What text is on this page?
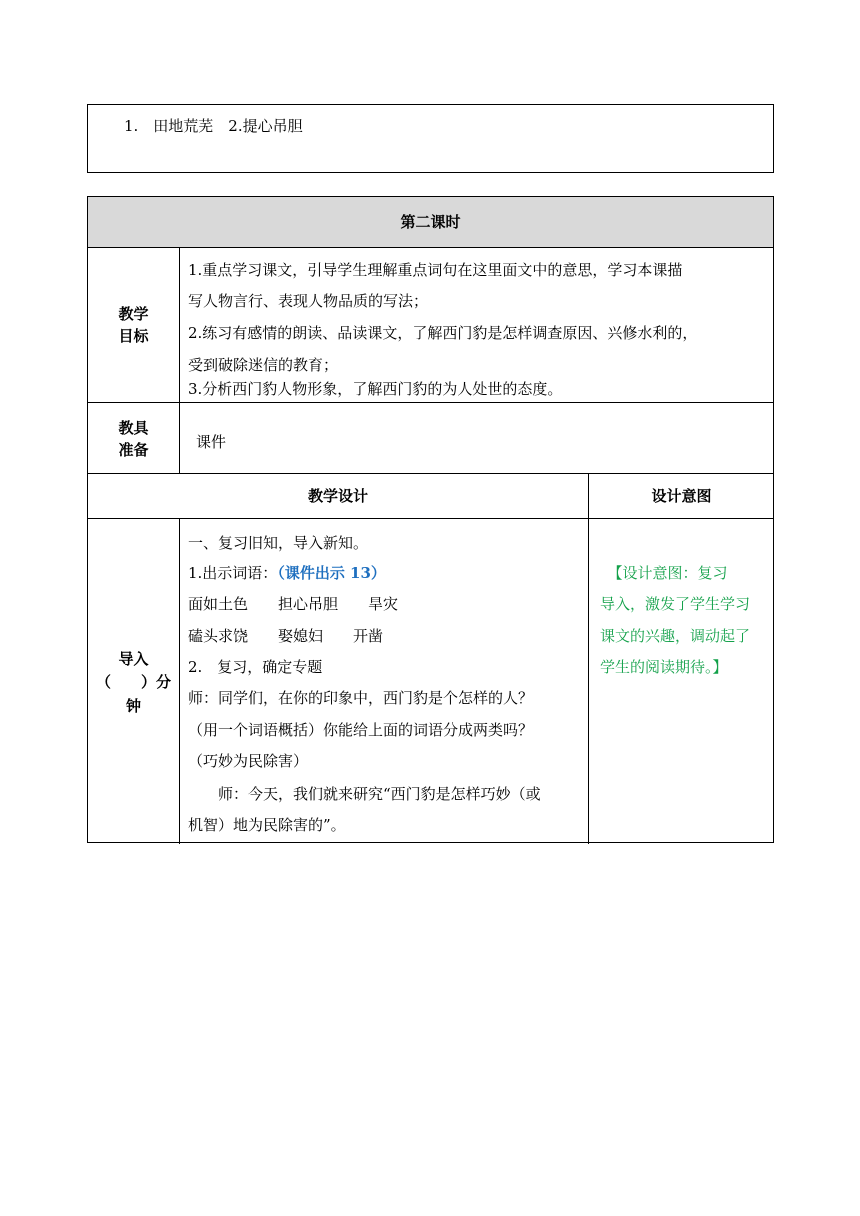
1.　田地荒芜　2.提心吊胆
第二课时
教学
目标
1.重点学习课文，引导学生理解重点词句在这里面文中的意思，学习本课描
写人物言行、表现人物品质的写法；
2.练习有感情的朗读、品读课文，了解西门豹是怎样调查原因、兴修水利的，
受到破除迷信的教育；
3.分析西门豹人物形象，了解西门豹的为人处世的态度。
教具
准备	课件
教学设计	设计意图
导入
（　　）分
钟
一、复习旧知，导入新知。
1.出示词语：（课件出示 13）
面如土色　　担心吊胆　　旱灾
磕头求饶　　娶媳妇　　开凿
2.　复习，确定专题
师：同学们，在你的印象中，西门豹是个怎样的人？
（用一个词语概括）你能给上面的词语分成两类吗？
（巧妙为民除害）
　　师：今天，我们就来研究“西门豹是怎样巧妙（或
机智）地为民除害的”。
　【设计意图：复习
导入，激发了学生学习
课文的兴趣，调动起了
学生的阅读期待。】
